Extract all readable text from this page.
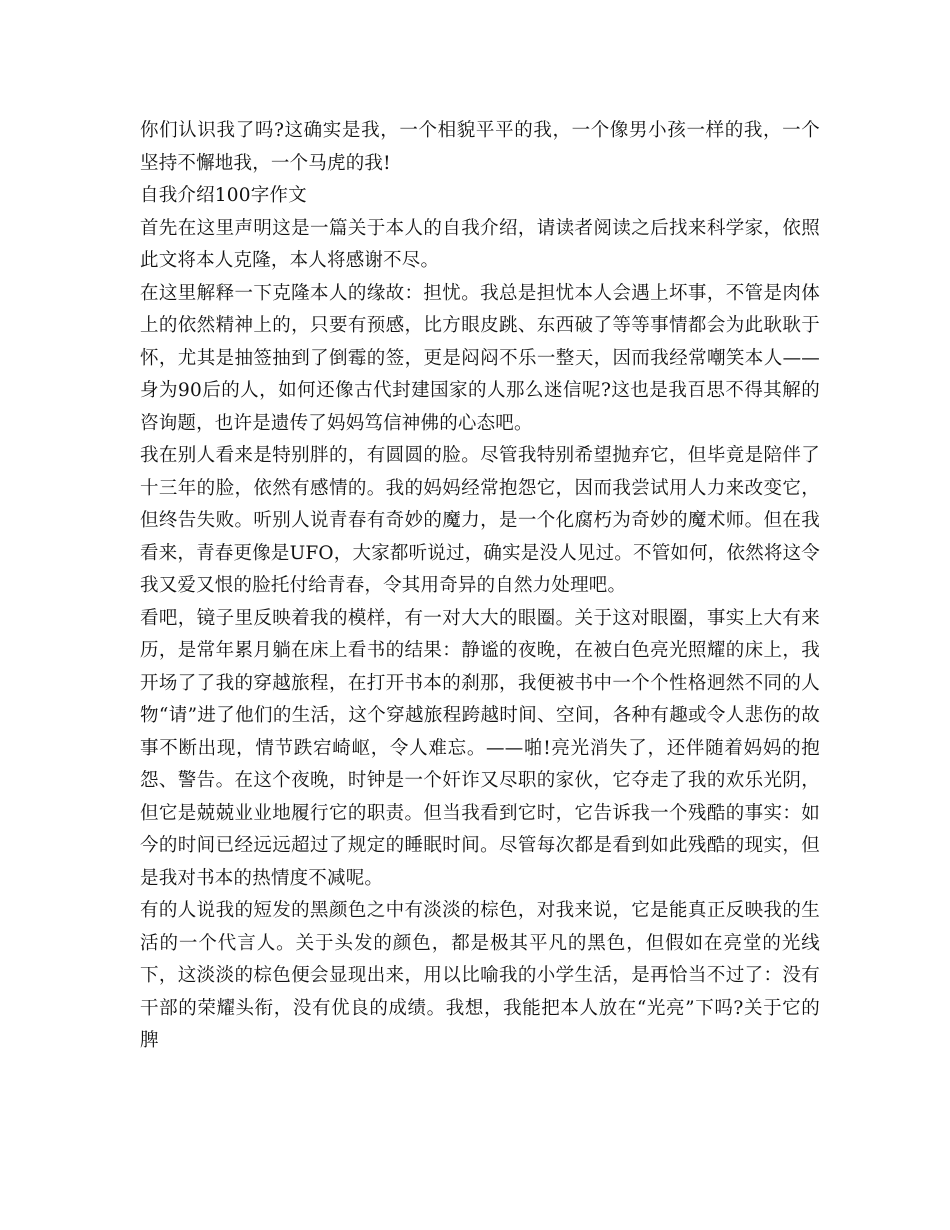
你们认识我了吗?这确实是我，一个相貌平平的我，一个像男小孩一样的我，一个坚持不懈地我，一个马虎的我!

自我介绍100字作文

首先在这里声明这是一篇关于本人的自我介绍，请读者阅读之后找来科学家，依照此文将本人克隆，本人将感谢不尽。

在这里解释一下克隆本人的缘故：担忧。我总是担忧本人会遇上坏事，不管是肉体上的依然精神上的，只要有预感，比方眼皮跳、东西破了等等事情都会为此耿耿于怀，尤其是抽签抽到了倒霉的签，更是闷闷不乐一整天，因而我经常嘲笑本人——身为90后的人，如何还像古代封建国家的人那么迷信呢?这也是我百思不得其解的咨询题，也许是遗传了妈妈笃信神佛的心态吧。

我在别人看来是特别胖的，有圆圆的脸。尽管我特别希望抛弃它，但毕竟是陪伴了十三年的脸，依然有感情的。我的妈妈经常抱怨它，因而我尝试用人力来改变它，但终告失败。听别人说青春有奇妙的魔力，是一个化腐朽为奇妙的魔术师。但在我看来，青春更像是UFO，大家都听说过，确实是没人见过。不管如何，依然将这令我又爱又恨的脸托付给青春，令其用奇异的自然力处理吧。

看吧，镜子里反映着我的模样，有一对大大的眼圈。关于这对眼圈，事实上大有来历，是常年累月躺在床上看书的结果：静谧的夜晚，在被白色亮光照耀的床上，我开场了了我的穿越旅程，在打开书本的刹那，我便被书中一个个性格迥然不同的人物“请”进了他们的生活，这个穿越旅程跨越时间、空间，各种有趣或令人悲伤的故事不断出现，情节跌宕崎岖，令人难忘。——啪!亮光消失了，还伴随着妈妈的抱怨、警告。在这个夜晚，时钟是一个奸诈又尽职的家伙，它夺走了我的欢乐光阴，但它是兢兢业业地履行它的职责。但当我看到它时，它告诉我一个残酷的事实：如今的时间已经远远超过了规定的睡眠时间。尽管每次都是看到如此残酷的现实，但是我对书本的热情度不减呢。

有的人说我的短发的黑颜色之中有淡淡的棕色，对我来说，它是能真正反映我的生活的一个代言人。关于头发的颜色，都是极其平凡的黑色，但假如在亮堂的光线下，这淡淡的棕色便会显现出来，用以比喻我的小学生活，是再恰当不过了：没有干部的荣耀头衔，没有优良的成绩。我想，我能把本人放在“光亮”下吗?关于它的脾
